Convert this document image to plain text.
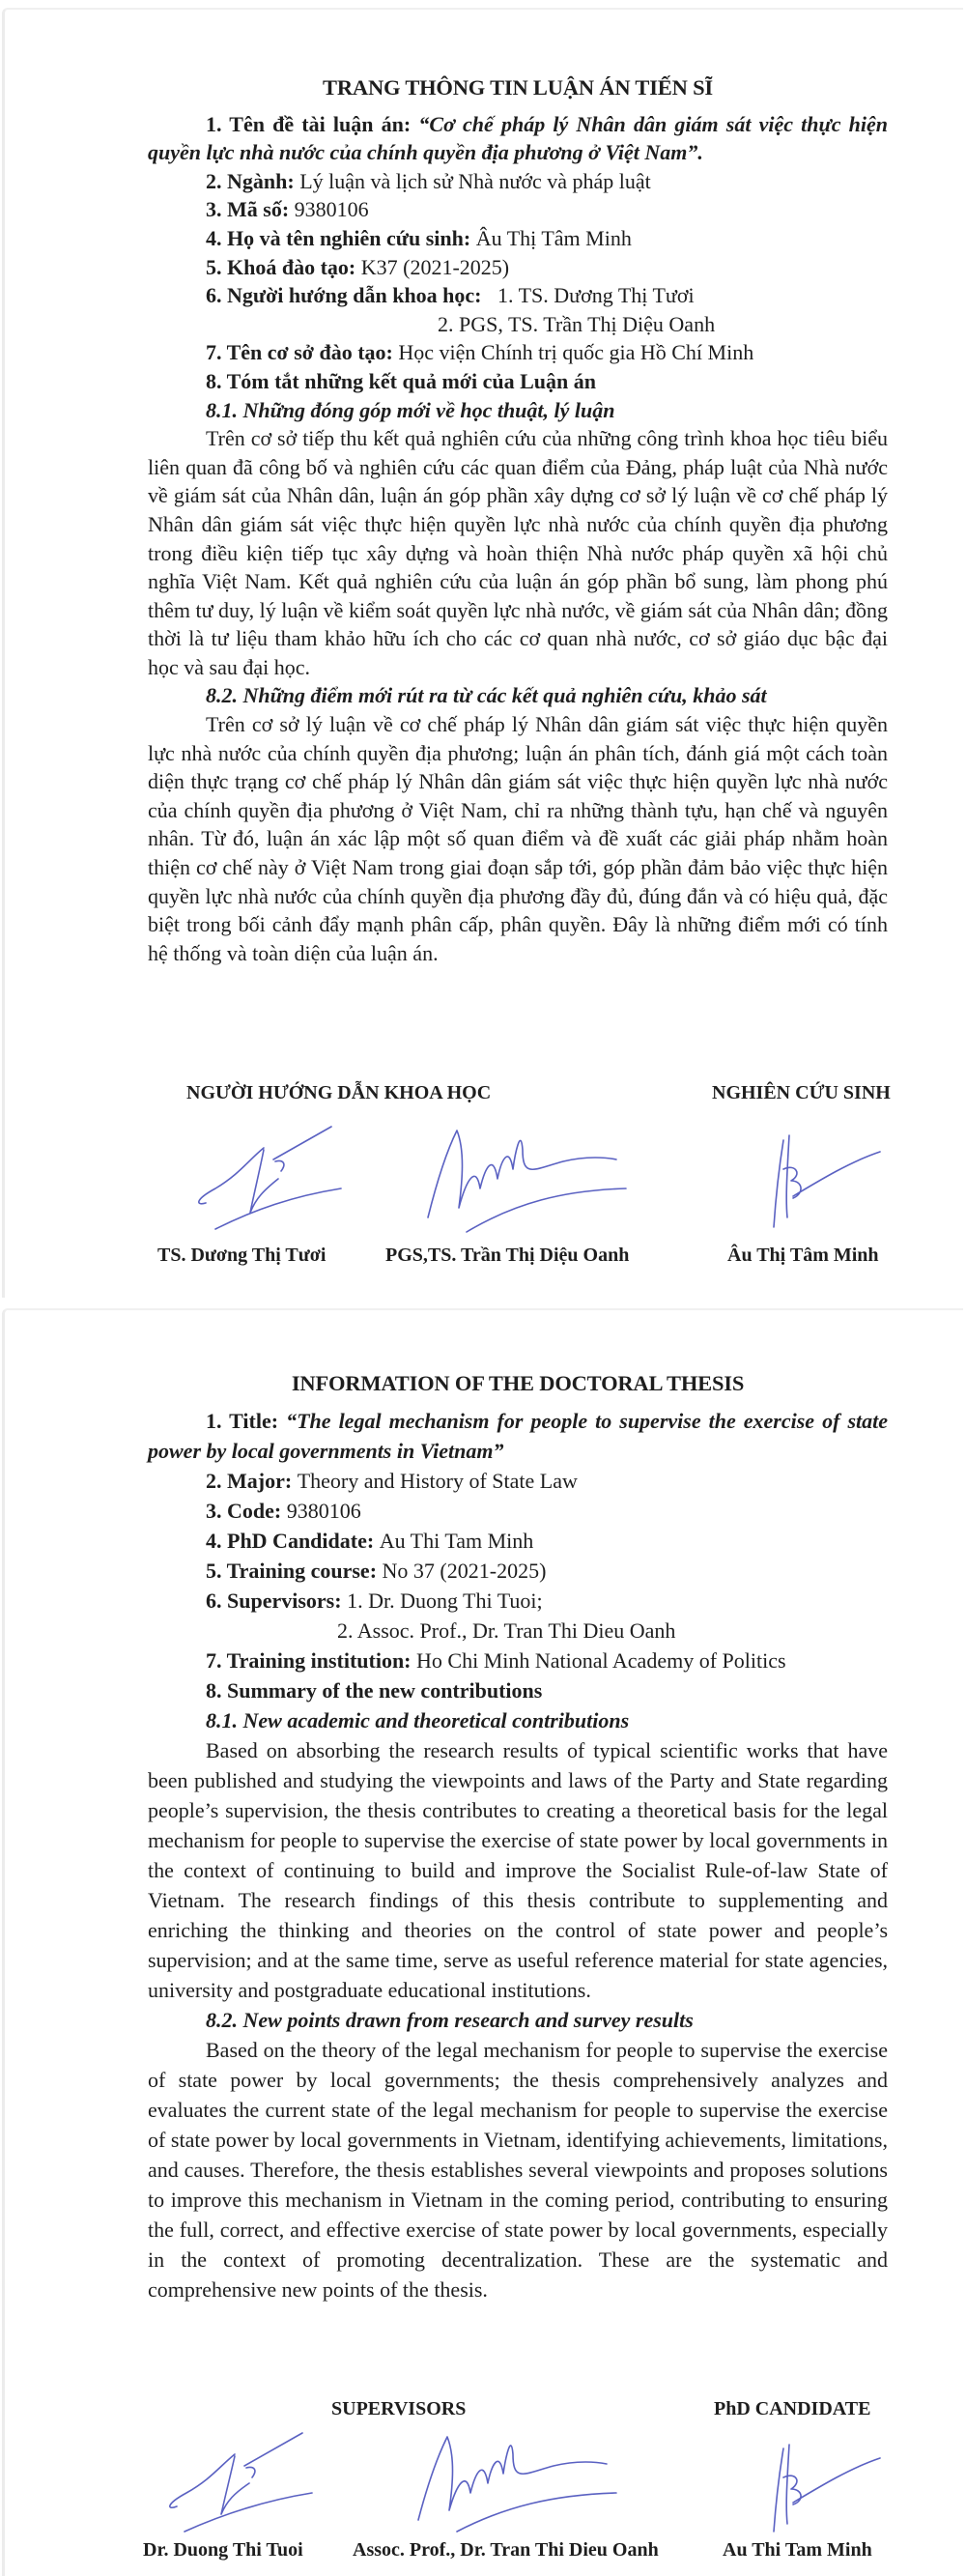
TRANG THÔNG TIN LUẬN ÁN TIẾN SĨ
1. Tên đề tài luận án: “Cơ chế pháp lý Nhân dân giám sát việc thực hiện quyền lực nhà nước của chính quyền địa phương ở Việt Nam”.
2. Ngành: Lý luận và lịch sử Nhà nước và pháp luật
3. Mã số: 9380106
4. Họ và tên nghiên cứu sinh: Âu Thị Tâm Minh
5. Khoá đào tạo: K37 (2021-2025)
6. Người hướng dẫn khoa học:   1. TS. Dương Thị Tươi
2. PGS, TS. Trần Thị Diệu Oanh
7. Tên cơ sở đào tạo: Học viện Chính trị quốc gia Hồ Chí Minh
8. Tóm tắt những kết quả mới của Luận án
8.1. Những đóng góp mới về học thuật, lý luận
Trên cơ sở tiếp thu kết quả nghiên cứu của những công trình khoa học tiêu biểu liên quan đã công bố và nghiên cứu các quan điểm của Đảng, pháp luật của Nhà nước về giám sát của Nhân dân, luận án góp phần xây dựng cơ sở lý luận về cơ chế pháp lý Nhân dân giám sát việc thực hiện quyền lực nhà nước của chính quyền địa phương trong điều kiện tiếp tục xây dựng và hoàn thiện Nhà nước pháp quyền xã hội chủ nghĩa Việt Nam. Kết quả nghiên cứu của luận án góp phần bổ sung, làm phong phú thêm tư duy, lý luận về kiểm soát quyền lực nhà nước, về giám sát của Nhân dân; đồng thời là tư liệu tham khảo hữu ích cho các cơ quan nhà nước, cơ sở giáo dục bậc đại học và sau đại học.
8.2. Những điểm mới rút ra từ các kết quả nghiên cứu, khảo sát
Trên cơ sở lý luận về cơ chế pháp lý Nhân dân giám sát việc thực hiện quyền lực nhà nước của chính quyền địa phương; luận án phân tích, đánh giá một cách toàn diện thực trạng cơ chế pháp lý Nhân dân giám sát việc thực hiện quyền lực nhà nước của chính quyền địa phương ở Việt Nam, chỉ ra những thành tựu, hạn chế và nguyên nhân. Từ đó, luận án xác lập một số quan điểm và đề xuất các giải pháp nhằm hoàn thiện cơ chế này ở Việt Nam trong giai đoạn sắp tới, góp phần đảm bảo việc thực hiện quyền lực nhà nước của chính quyền địa phương đầy đủ, đúng đắn và có hiệu quả, đặc biệt trong bối cảnh đẩy mạnh phân cấp, phân quyền. Đây là những điểm mới có tính hệ thống và toàn diện của luận án.
NGƯỜI HƯỚNG DẪN KHOA HỌC	NGHIÊN CỨU SINH
TS. Dương Thị Tươi	PGS,TS. Trần Thị Diệu Oanh	Âu Thị Tâm Minh
INFORMATION OF THE DOCTORAL THESIS
1. Title: “The legal mechanism for people to supervise the exercise of state power by local governments in Vietnam”
2. Major: Theory and History of State Law
3. Code: 9380106
4. PhD Candidate: Au Thi Tam Minh
5. Training course: No 37 (2021-2025)
6. Supervisors: 1. Dr. Duong Thi Tuoi;
2. Assoc. Prof., Dr. Tran Thi Dieu Oanh
7. Training institution: Ho Chi Minh National Academy of Politics
8. Summary of the new contributions
8.1. New academic and theoretical contributions
Based on absorbing the research results of typical scientific works that have been published and studying the viewpoints and laws of the Party and State regarding people’s supervision, the thesis contributes to creating a theoretical basis for the legal mechanism for people to supervise the exercise of state power by local governments in the context of continuing to build and improve the Socialist Rule-of-law State of Vietnam. The research findings of this thesis contribute to supplementing and enriching the thinking and theories on the control of state power and people’s supervision; and at the same time, serve as useful reference material for state agencies, university and postgraduate educational institutions.
8.2. New points drawn from research and survey results
Based on the theory of the legal mechanism for people to supervise the exercise of state power by local governments; the thesis comprehensively analyzes and evaluates the current state of the legal mechanism for people to supervise the exercise of state power by local governments in Vietnam, identifying achievements, limitations, and causes. Therefore, the thesis establishes several viewpoints and proposes solutions to improve this mechanism in Vietnam in the coming period, contributing to ensuring the full, correct, and effective exercise of state power by local governments, especially in the context of promoting decentralization. These are the systematic and comprehensive new points of the thesis.
SUPERVISORS	PhD CANDIDATE
Dr. Duong Thi Tuoi	Assoc. Prof., Dr. Tran Thi Dieu Oanh	Au Thi Tam Minh
